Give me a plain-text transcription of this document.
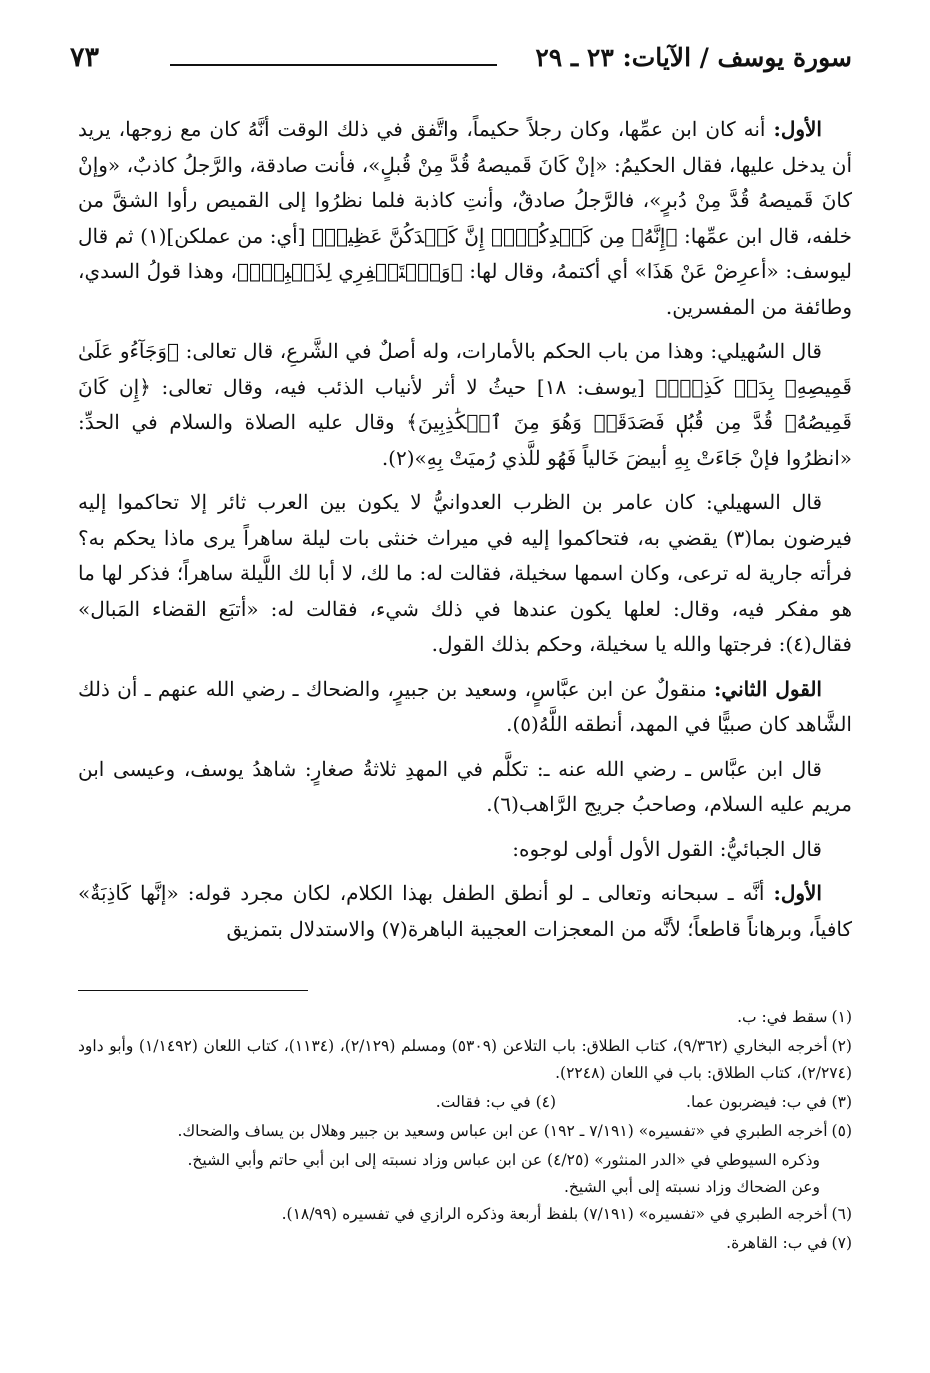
سورة يوسف / الآيات: ٢٣ ـ ٢٩
٧٣

الأول: أنه كان ابن عمِّها، وكان رجلاً حكيماً، واتَّفق في ذلك الوقت أنَّهُ كان مع زوجها، يريد أن يدخل عليها، فقال الحكيمُ: «إنْ كَانَ قَميصهُ قُدَّ مِنْ قُبلٍ»، فأنت صادقة، والرَّجلُ كاذبٌ، «وإنْ كانَ قَميصهُ قُدَّ مِنْ دُبرٍ»، فالرَّجلُ صادقٌ، وأنتِ كاذبة فلما نظرُوا إلى القميص رأوا الشقَّ من خلفه، قال ابن عمِّها: ﴿إِنَّهُۥ مِن كَيۡدِكُنَّۖ إِنَّ كَيۡدَكُنَّ عَظِيمٞ﴾ [أي: من عملكن](١) ثم قال ليوسف: «أعرِضْ عَنْ هَذَا» أي أكتمهُ، وقال لها: ﴿وَٱسۡتَغۡفِرِي لِذَنۢبِكِۖ﴾، وهذا قولُ السدي، وطائفة من المفسرين.

قال السُهيلي: وهذا من باب الحكم بالأمارات، وله أصلٌ في الشَّرعِ، قال تعالى: ﴿وَجَآءُو عَلَىٰ قَمِيصِهِۦ بِدَمٖ كَذِبٖۚ﴾ [يوسف: ١٨] حيثُ لا أثر لأنياب الذئب فيه، وقال تعالى: ﴿إِن كَانَ قَمِيصُهُۥ قُدَّ مِن قُبُلٖ فَصَدَقَتۡ وَهُوَ مِنَ ٱلۡكَٰذِبِينَ﴾ وقال عليه الصلاة والسلام في الحدِّ: «انظرُوا فإنْ جَاءَتْ بِهِ أبيضَ خَالياً فَهُو للَّذي رُميَتْ بِهِ»(٢).

قال السهيلي: كان عامر بن الظرب العدوانيُّ لا يكون بين العرب ثائر إلا تحاكموا إليه فيرضون بما(٣) يقضي به، فتحاكموا إليه في ميراث خنثى بات ليلة ساهراً يرى ماذا يحكم به؟ فرأته جارية له ترعى، وكان اسمها سخيلة، فقالت له: ما لك، لا أبا لك اللَّيلة ساهراً؛ فذكر لها ما هو مفكر فيه، وقال: لعلها يكون عندها في ذلك شيء، فقالت له: «أتبَع القضاء المَبال» فقال(٤): فرجتها والله يا سخيلة، وحكم بذلك القول.

القول الثاني: منقولٌ عن ابن عبَّاسٍ، وسعيد بن جبيرٍ، والضحاك ـ رضي الله عنهم ـ أن ذلك الشَّاهد كان صبيًّا في المهد، أنطقه اللَّهُ(٥).

قال ابن عبَّاس ـ رضي الله عنه ـ: تكلَّم في المهدِ ثلاثةُ صغارٍ: شاهدُ يوسف، وعيسى ابن مريم عليه السلام، وصاحبُ جريج الرَّاهب(٦).

قال الجبائيُّ: القول الأول أولى لوجوه:

الأول: أنَّه ـ سبحانه وتعالى ـ لو أنطق الطفل بهذا الكلام، لكان مجرد قوله: «إنَّها كَاذِبَةٌ» كافياً، وبرهاناً قاطعاً؛ لأنَّه من المعجزات العجيبة الباهرة(٧) والاستدلال بتمزيق

(١)سقط في: ب.
(٢)أخرجه البخاري (٩/٣٦٢)، كتاب الطلاق: باب التلاعن (٥٣٠٩) ومسلم (٢/١٢٩)، (١١٣٤)، كتاب اللعان (١/١٤٩٢) وأبو داود (٢/٢٧٤)، كتاب الطلاق: باب في اللعان (٢٢٤٨).
(٣) في ب: فيضربون عما.
(٤) في ب: فقالت.
(٥)أخرجه الطبري في «تفسيره» (٧/١٩١ ـ ١٩٢) عن ابن عباس وسعيد بن جبير وهلال بن يساف والضحاك.
وذكره السيوطي في «الدر المنثور» (٤/٢٥) عن ابن عباس وزاد نسبته إلى ابن أبي حاتم وأبي الشيخ.
وعن الضحاك وزاد نسبته إلى أبي الشيخ.
(٦)أخرجه الطبري في «تفسيره» (٧/١٩١) بلفظ أربعة وذكره الرازي في تفسيره (١٨/٩٩).
(٧)في ب: القاهرة.
